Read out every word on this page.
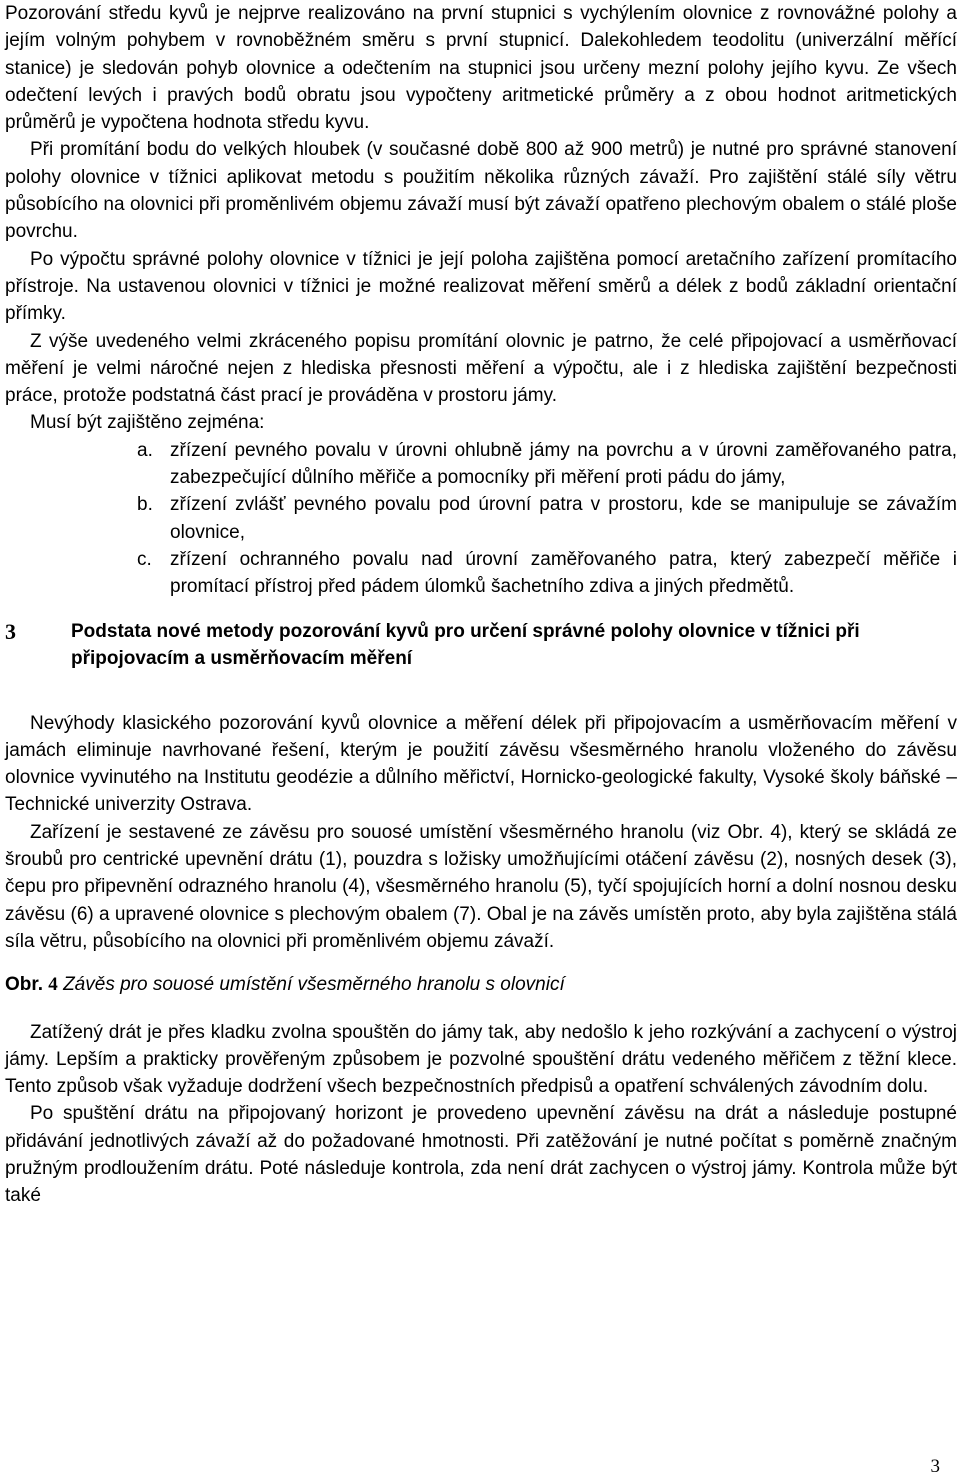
Pozorování středu kyvů je nejprve realizováno na první stupnici s vychýlením olovnice z rovnovážné polohy a jejím volným pohybem v rovnoběžném směru s první stupnicí. Dalekohledem teodolitu (univerzální měřící stanice) je sledován pohyb olovnice a odečtením na stupnici jsou určeny mezní polohy jejího kyvu. Ze všech odečtení levých i pravých bodů obratu jsou vypočteny aritmetické průměry a z obou hodnot aritmetických průměrů je vypočtena hodnota středu kyvu.

Při promítání bodu do velkých hloubek (v současné době 800 až 900 metrů) je nutné pro správné stanovení polohy olovnice v tížnici aplikovat metodu s použitím několika různých závaží. Pro zajištění stálé síly větru působícího na olovnici při proměnlivém objemu závaží musí být závaží opatřeno plechovým obalem o stálé ploše povrchu.

Po výpočtu správné polohy olovnice v tížnici je její poloha zajištěna pomocí aretačního zařízení promítacího přístroje. Na ustavenou olovnici v tížnici je možné realizovat měření směrů a délek z bodů základní orientační přímky.

Z výše uvedeného velmi zkráceného popisu promítání olovnic je patrno, že celé připojovací a usměrňovací měření je velmi náročné nejen z hlediska přesnosti měření a výpočtu, ale i z hlediska zajištění bezpečnosti práce, protože podstatná část prací je prováděna v prostoru jámy.

Musí být zajištěno zejména:

a. zřízení pevného povalu v úrovni ohlubně jámy na povrchu a v úrovni zaměřovaného patra, zabezpečující důlního měřiče a pomocníky při měření proti pádu do jámy,
b. zřízení zvlášť pevného povalu pod úrovní patra v prostoru, kde se manipuluje se závažím olovnice,
c. zřízení ochranného povalu nad úrovní zaměřovaného patra, který zabezpečí měřiče i promítací přístroj před pádem úlomků šachetního zdiva a jiných předmětů.
3	Podstata nové metody pozorování kyvů pro určení správné polohy olovnice v tížnici při připojovacím a usměrňovacím měření

Nevýhody klasického pozorování kyvů olovnice a měření délek při připojovacím a usměrňovacím měření v jamách eliminuje navrhované řešení, kterým je použití závěsu všesměrného hranolu vloženého do závěsu olovnice vyvinutého na Institutu geodézie a důlního měřictví, Hornicko-geologické fakulty, Vysoké školy báňské – Technické univerzity Ostrava.

Zařízení je sestavené ze závěsu pro souosé umístění všesměrného hranolu (viz Obr. 4), který se skládá ze šroubů pro centrické upevnění drátu (1), pouzdra s ložisky umožňujícími otáčení závěsu (2), nosných desek (3), čepu pro připevnění odrazného hranolu (4), všesměrného hranolu (5), tyčí spojujících horní a dolní nosnou desku závěsu (6) a upravené olovnice s plechovým obalem (7). Obal je na závěs umístěn proto, aby byla zajištěna stálá síla větru, působícího na olovnici při proměnlivém objemu závaží.

Obr. 4 Závěs pro souosé umístění všesměrného hranolu s olovnicí

Zatížený drát je přes kladku zvolna spouštěn do jámy tak, aby nedošlo k jeho rozkývání a zachycení o výstroj jámy. Lepším a prakticky prověřeným způsobem je pozvolné spouštění drátu vedeného měřičem z těžní klece. Tento způsob však vyžaduje dodržení všech bezpečnostních předpisů a opatření schválených závodním dolu.

Po spuštění drátu na připojovaný horizont je provedeno upevnění závěsu na drát a následuje postupné přidávání jednotlivých závaží až do požadované hmotnosti. Při zatěžování je nutné počítat s poměrně značným pružným prodloužením drátu. Poté následuje kontrola, zda není drát zachycen o výstroj jámy. Kontrola může být také

3
